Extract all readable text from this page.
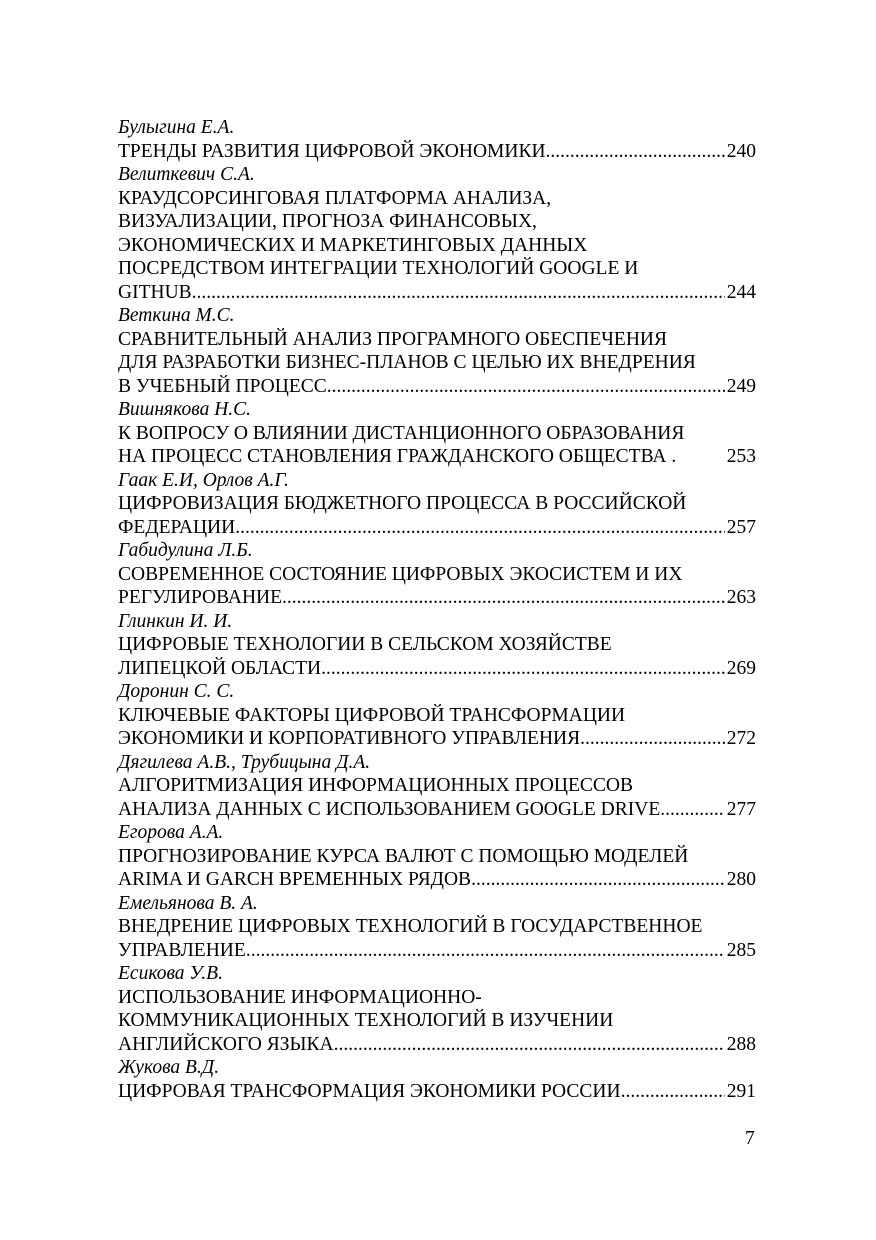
Булыгина Е.А.
ТРЕНДЫ РАЗВИТИЯ ЦИФРОВОЙ ЭКОНОМИКИ .....	240
Велиткевич С.А.
КРАУДСОРСИНГОВАЯ ПЛАТФОРМА АНАЛИЗА,
ВИЗУАЛИЗАЦИИ, ПРОГНОЗА ФИНАНСОВЫХ,
ЭКОНОМИЧЕСКИХ И МАРКЕТИНГОВЫХ ДАННЫХ
ПОСРЕДСТВОМ ИНТЕГРАЦИИ ТЕХНОЛОГИЙ GOOGLE И
GITHUB .....	244
Веткина М.С.
СРАВНИТЕЛЬНЫЙ АНАЛИЗ ПРОГРАМНОГО ОБЕСПЕЧЕНИЯ
ДЛЯ РАЗРАБОТКИ БИЗНЕС-ПЛАНОВ С ЦЕЛЬЮ ИХ ВНЕДРЕНИЯ
В УЧЕБНЫЙ ПРОЦЕСС .....	249
Вишнякова Н.С.
К ВОПРОСУ О ВЛИЯНИИ ДИСТАНЦИОННОГО ОБРАЗОВАНИЯ
НА ПРОЦЕСС СТАНОВЛЕНИЯ ГРАЖДАНСКОГО ОБЩЕСТВА .	253
Гаак Е.И, Орлов А.Г.
ЦИФРОВИЗАЦИЯ БЮДЖЕТНОГО ПРОЦЕССА В РОССИЙСКОЙ
ФЕДЕРАЦИИ .....	257
Габидулина Л.Б.
СОВРЕМЕННОЕ СОСТОЯНИЕ ЦИФРОВЫХ ЭКОСИСТЕМ И ИХ
РЕГУЛИРОВАНИЕ .....	263
Глинкин И. И.
ЦИФРОВЫЕ ТЕХНОЛОГИИ В СЕЛЬСКОМ ХОЗЯЙСТВЕ
ЛИПЕЦКОЙ ОБЛАСТИ .....	269
Доронин С. С.
КЛЮЧЕВЫЕ ФАКТОРЫ ЦИФРОВОЙ ТРАНСФОРМАЦИИ
ЭКОНОМИКИ И КОРПОРАТИВНОГО УПРАВЛЕНИЯ .....	272
Дягилева А.В., Трубицына Д.А.
АЛГОРИТМИЗАЦИЯ ИНФОРМАЦИОННЫХ ПРОЦЕССОВ
АНАЛИЗА ДАННЫХ С ИСПОЛЬЗОВАНИЕМ GOOGLE DRIVE .....	277
Егорова А.А.
ПРОГНОЗИРОВАНИЕ КУРСА ВАЛЮТ С ПОМОЩЬЮ МОДЕЛЕЙ
ARIMA И GARCH ВРЕМЕННЫХ РЯДОВ .....	280
Емельянова В. А.
ВНЕДРЕНИЕ ЦИФРОВЫХ ТЕХНОЛОГИЙ В ГОСУДАРСТВЕННОЕ
УПРАВЛЕНИЕ .....	285
Есикова У.В.
ИСПОЛЬЗОВАНИЕ ИНФОРМАЦИОННО-
КОММУНИКАЦИОННЫХ ТЕХНОЛОГИЙ В ИЗУЧЕНИИ
АНГЛИЙСКОГО ЯЗЫКА .....	288
Жукова В.Д.
ЦИФРОВАЯ ТРАНСФОРМАЦИЯ ЭКОНОМИКИ РОССИИ .....	291
7
